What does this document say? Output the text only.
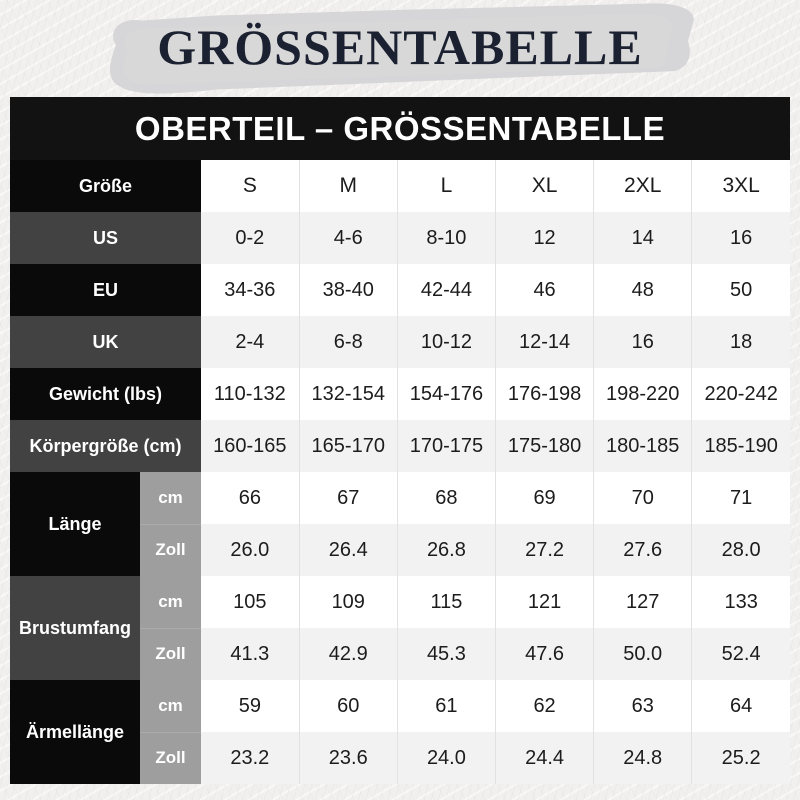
GRÖSSENTABELLE
OBERTEIL – GRÖSSENTABELLE
Größe		S	M	L	XL	2XL	3XL
US		0-2	4-6	8-10	12	14	16
EU		34-36	38-40	42-44	46	48	50
UK		2-4	6-8	10-12	12-14	16	18
Gewicht (lbs)		110-132	132-154	154-176	176-198	198-220	220-242
Körpergröße (cm)		160-165	165-170	170-175	175-180	180-185	185-190
Länge	cm	66	67	68	69	70	71
	Zoll	26.0	26.4	26.8	27.2	27.6	28.0
Brustumfang	cm	105	109	115	121	127	133
	Zoll	41.3	42.9	45.3	47.6	50.0	52.4
Ärmellänge	cm	59	60	61	62	63	64
	Zoll	23.2	23.6	24.0	24.4	24.8	25.2
